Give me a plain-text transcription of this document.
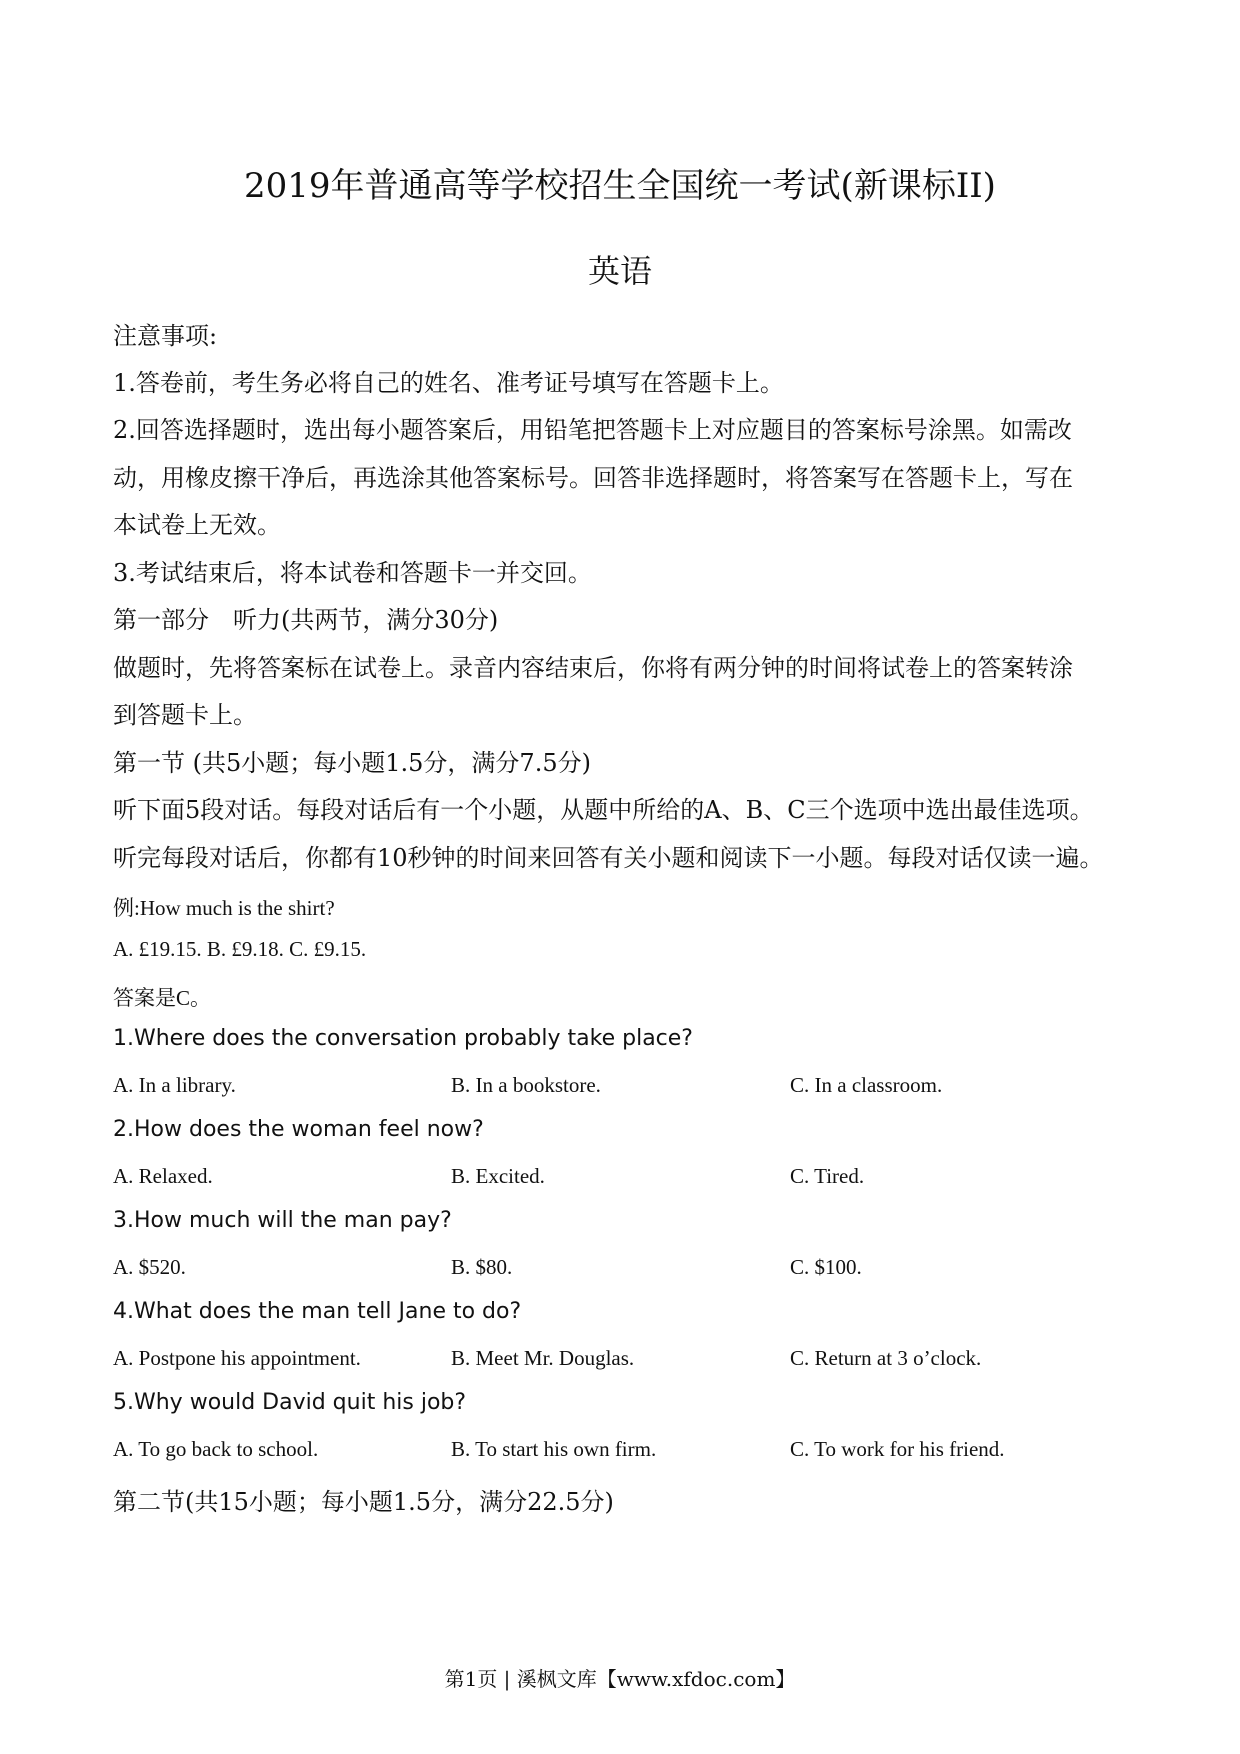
2019年普通高等学校招生全国统一考试(新课标II)
英语
注意事项:
1.答卷前，考生务必将自己的姓名、准考证号填写在答题卡上。
2.回答选择题时，选出每小题答案后，用铅笔把答题卡上对应题目的答案标号涂黑。如需改
动，用橡皮擦干净后，再选涂其他答案标号。回答非选择题时，将答案写在答题卡上，写在
本试卷上无效。
3.考试结束后，将本试卷和答题卡一并交回。
第一部分　听力(共两节，满分30分)
做题时，先将答案标在试卷上。录音内容结束后，你将有两分钟的时间将试卷上的答案转涂
到答题卡上。
第一节 (共5小题；每小题1.5分，满分7.5分)
听下面5段对话。每段对话后有一个小题，从题中所给的A、B、C三个选项中选出最佳选项。
听完每段对话后，你都有10秒钟的时间来回答有关小题和阅读下一小题。每段对话仅读一遍。
例:How much is the shirt?
A. £19.15. B. £9.18. C. £9.15.
答案是C。
1.Where does the conversation probably take place?
A. In a library.	B. In a bookstore.	C. In a classroom.
2.How does the woman feel now?
A. Relaxed.	B. Excited.	C. Tired.
3.How much will the man pay?
A. $520.	B. $80.	C. $100.
4.What does the man tell Jane to do?
A. Postpone his appointment.	B. Meet Mr. Douglas.	C. Return at 3 o’clock.
5.Why would David quit his job?
A. To go back to school.	B. To start his own firm.	C. To work for his friend.
第二节(共15小题；每小题1.5分，满分22.5分)
第1页 | 溪枫文库【www.xfdoc.com】
